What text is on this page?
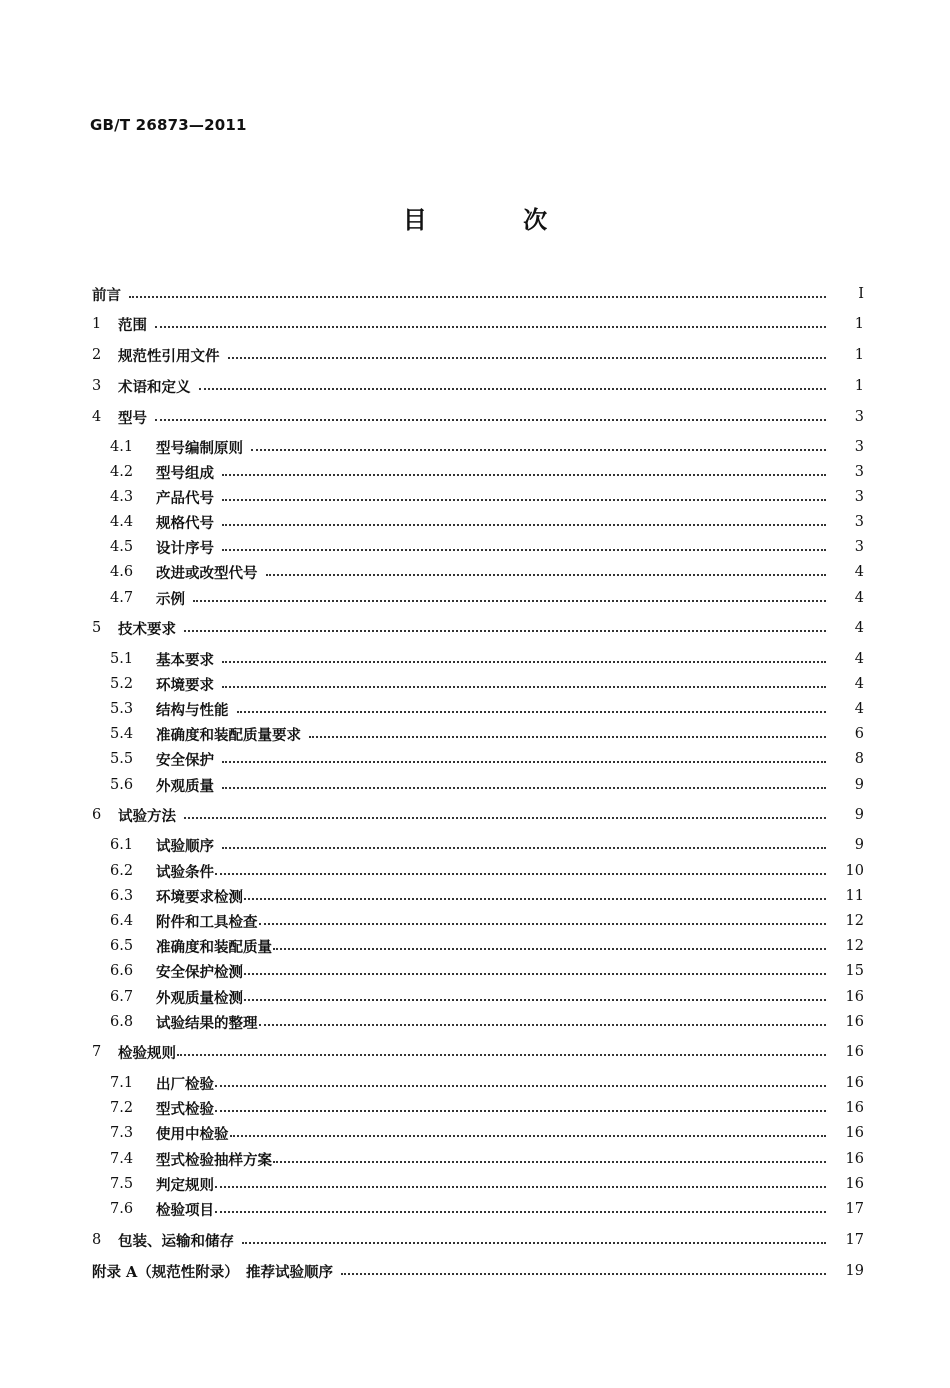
GB/T 26873—2011
目 次
前言	Ⅰ
1	范围	1
2	规范性引用文件	1
3	术语和定义	1
4	型号	3
4.1	型号编制原则	3
4.2	型号组成	3
4.3	产品代号	3
4.4	规格代号	3
4.5	设计序号	3
4.6	改进或改型代号	4
4.7	示例	4
5	技术要求	4
5.1	基本要求	4
5.2	环境要求	4
5.3	结构与性能	4
5.4	准确度和装配质量要求	6
5.5	安全保护	8
5.6	外观质量	9
6	试验方法	9
6.1	试验顺序	9
6.2	试验条件	10
6.3	环境要求检测	11
6.4	附件和工具检查	12
6.5	准确度和装配质量	12
6.6	安全保护检测	15
6.7	外观质量检测	16
6.8	试验结果的整理	16
7	检验规则	16
7.1	出厂检验	16
7.2	型式检验	16
7.3	使用中检验	16
7.4	型式检验抽样方案	16
7.5	判定规则	16
7.6	检验项目	17
8	包装、运输和储存	17
附录 A（规范性附录）　推荐试验顺序	19
